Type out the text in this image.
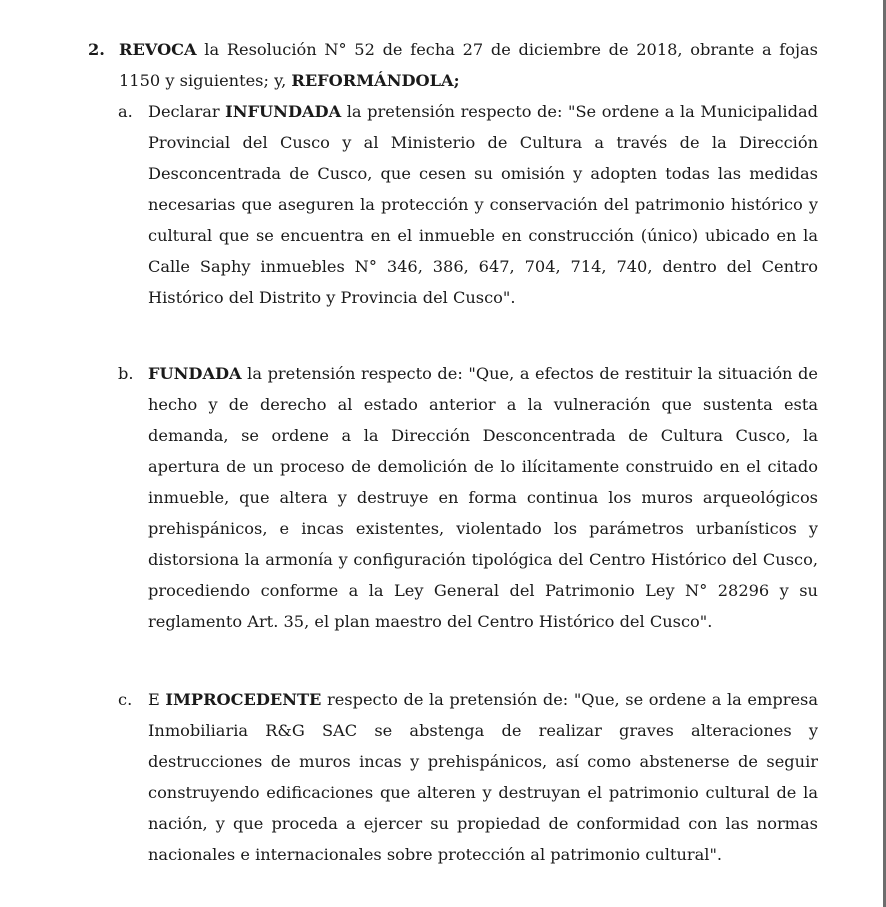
2. REVOCA la Resolución N° 52 de fecha 27 de diciembre de 2018, obrante a fojas 1150 y siguientes; y, REFORMÁNDOLA;
a. Declarar INFUNDADA la pretensión respecto de: "Se ordene a la Municipalidad Provincial del Cusco y al Ministerio de Cultura a través de la Dirección Desconcentrada de Cusco, que cesen su omisión y adopten todas las medidas necesarias que aseguren la protección y conservación del patrimonio histórico y cultural que se encuentra en el inmueble en construcción (único) ubicado en la Calle Saphy inmuebles N° 346, 386, 647, 704, 714, 740, dentro del Centro Histórico del Distrito y Provincia del Cusco".
b. FUNDADA la pretensión respecto de: "Que, a efectos de restituir la situación de hecho y de derecho al estado anterior a la vulneración que sustenta esta demanda, se ordene a la Dirección Desconcentrada de Cultura Cusco, la apertura de un proceso de demolición de lo ilícitamente construido en el citado inmueble, que altera y destruye en forma continua los muros arqueológicos prehispánicos, e incas existentes, violentado los parámetros urbanísticos y distorsiona la armonía y configuración tipológica del Centro Histórico del Cusco, procediendo conforme a la Ley General del Patrimonio Ley N° 28296 y su reglamento Art. 35, el plan maestro del Centro Histórico del Cusco".
c. E IMPROCEDENTE respecto de la pretensión de: "Que, se ordene a la empresa Inmobiliaria R&G SAC se abstenga de realizar graves alteraciones y destrucciones de muros incas y prehispánicos, así como abstenerse de seguir construyendo edificaciones que alteren y destruyan el patrimonio cultural de la nación, y que proceda a ejercer su propiedad de conformidad con las normas nacionales e internacionales sobre protección al patrimonio cultural".
